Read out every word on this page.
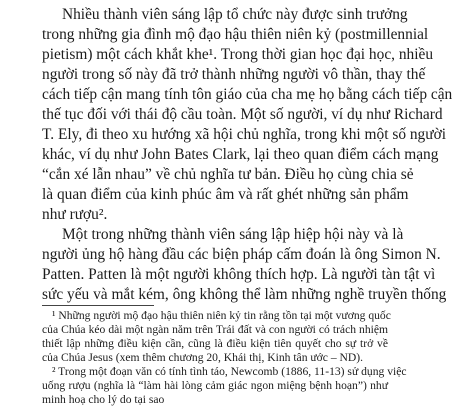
Nhiều thành viên sáng lập tổ chức này được sinh trưởng
trong những gia đình mộ đạo hậu thiên niên kỷ (postmillennial
pietism) một cách khắt khe¹. Trong thời gian học đại học, nhiều
người trong số này đã trở thành những người vô thần, thay thế
cách tiếp cận mang tính tôn giáo của cha mẹ họ bằng cách tiếp cận
thế tục đối với thái độ cầu toàn. Một số người, ví dụ như Richard
T. Ely, đi theo xu hướng xã hội chủ nghĩa, trong khi một số người
khác, ví dụ như John Bates Clark, lại theo quan điểm cách mạng
“cắn xé lẫn nhau” về chủ nghĩa tư bản. Điều họ cùng chia sẻ
là quan điểm của kinh phúc âm và rất ghét những sản phẩm
như rượu².
Một trong những thành viên sáng lập hiệp hội này và là
người ủng hộ hàng đầu các biện pháp cấm đoán là ông Simon N.
Patten. Patten là một người không thích hợp. Là người tàn tật vì
sức yếu và mắt kém, ông không thể làm những nghề truyền thống
¹ Những người mộ đạo hậu thiên niên kỷ tin rằng tồn tại một vương quốc
của Chúa kéo dài một ngàn năm trên Trái đất và con người có trách nhiệm
thiết lập những điều kiện cần, cũng là điều kiện tiên quyết cho sự trở về
của Chúa Jesus (xem thêm chương 20, Khái thị, Kinh tân ước – ND).
² Trong một đoạn văn có tính tình táo, Newcomb (1886, 11-13) sử dụng việc
uống rượu (nghĩa là “làm hài lòng cảm giác ngon miệng bệnh hoạn”) như
minh hoạ cho lý do tại sao
